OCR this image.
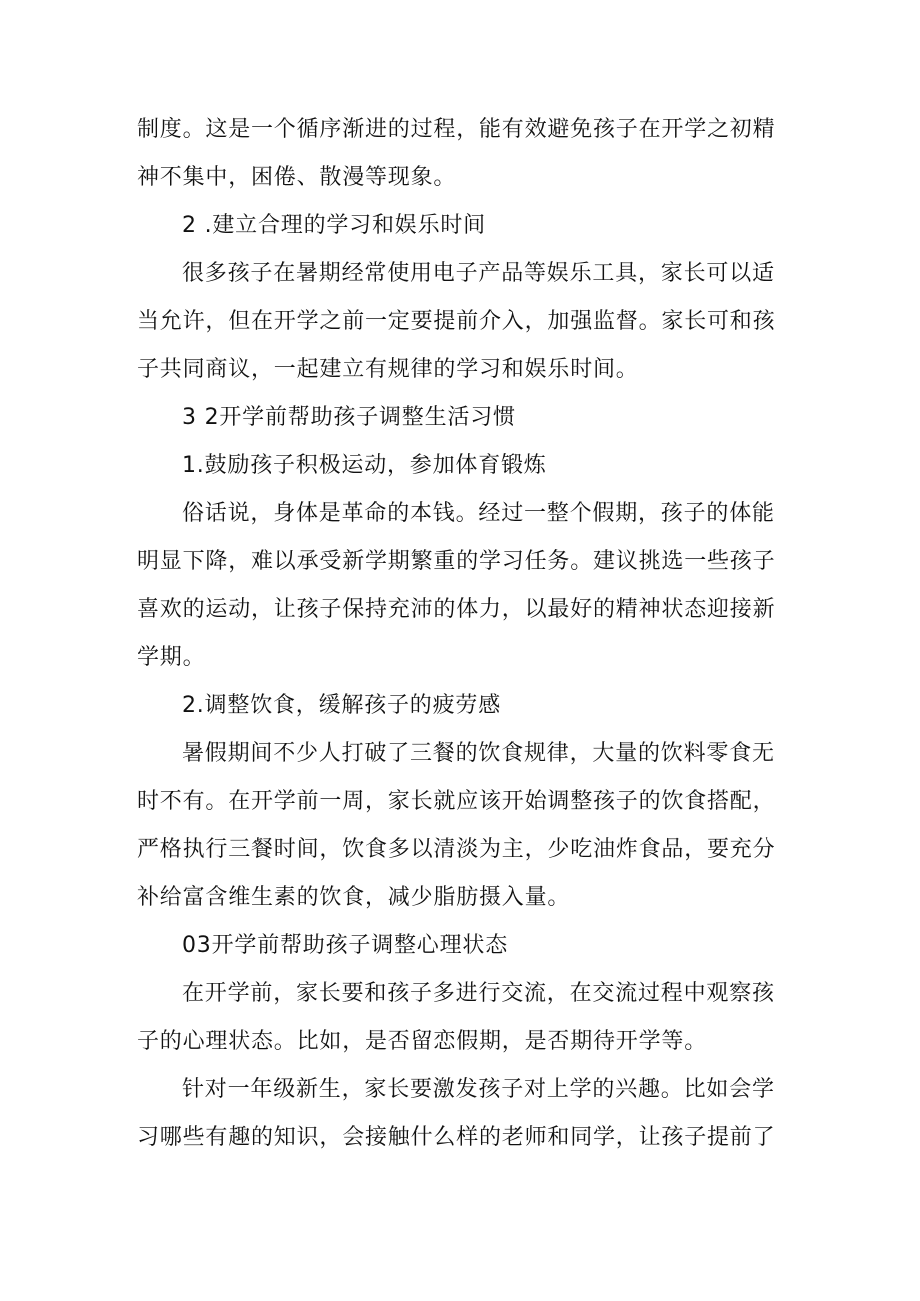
制度。这是一个循序渐进的过程，能有效避免孩子在开学之初精
神不集中，困倦、散漫等现象。
2 .建立合理的学习和娱乐时间
很多孩子在暑期经常使用电子产品等娱乐工具，家长可以适
当允许，但在开学之前一定要提前介入，加强监督。家长可和孩
子共同商议，一起建立有规律的学习和娱乐时间。
3 2开学前帮助孩子调整生活习惯
1.鼓励孩子积极运动，参加体育锻炼
俗话说，身体是革命的本钱。经过一整个假期，孩子的体能
明显下降，难以承受新学期繁重的学习任务。建议挑选一些孩子
喜欢的运动，让孩子保持充沛的体力，以最好的精神状态迎接新
学期。
2.调整饮食，缓解孩子的疲劳感
暑假期间不少人打破了三餐的饮食规律，大量的饮料零食无
时不有。在开学前一周，家长就应该开始调整孩子的饮食搭配，
严格执行三餐时间，饮食多以清淡为主，少吃油炸食品，要充分
补给富含维生素的饮食，减少脂肪摄入量。
03开学前帮助孩子调整心理状态
在开学前，家长要和孩子多进行交流，在交流过程中观察孩
子的心理状态。比如，是否留恋假期，是否期待开学等。
针对一年级新生，家长要激发孩子对上学的兴趣。比如会学
习哪些有趣的知识，会接触什么样的老师和同学，让孩子提前了
